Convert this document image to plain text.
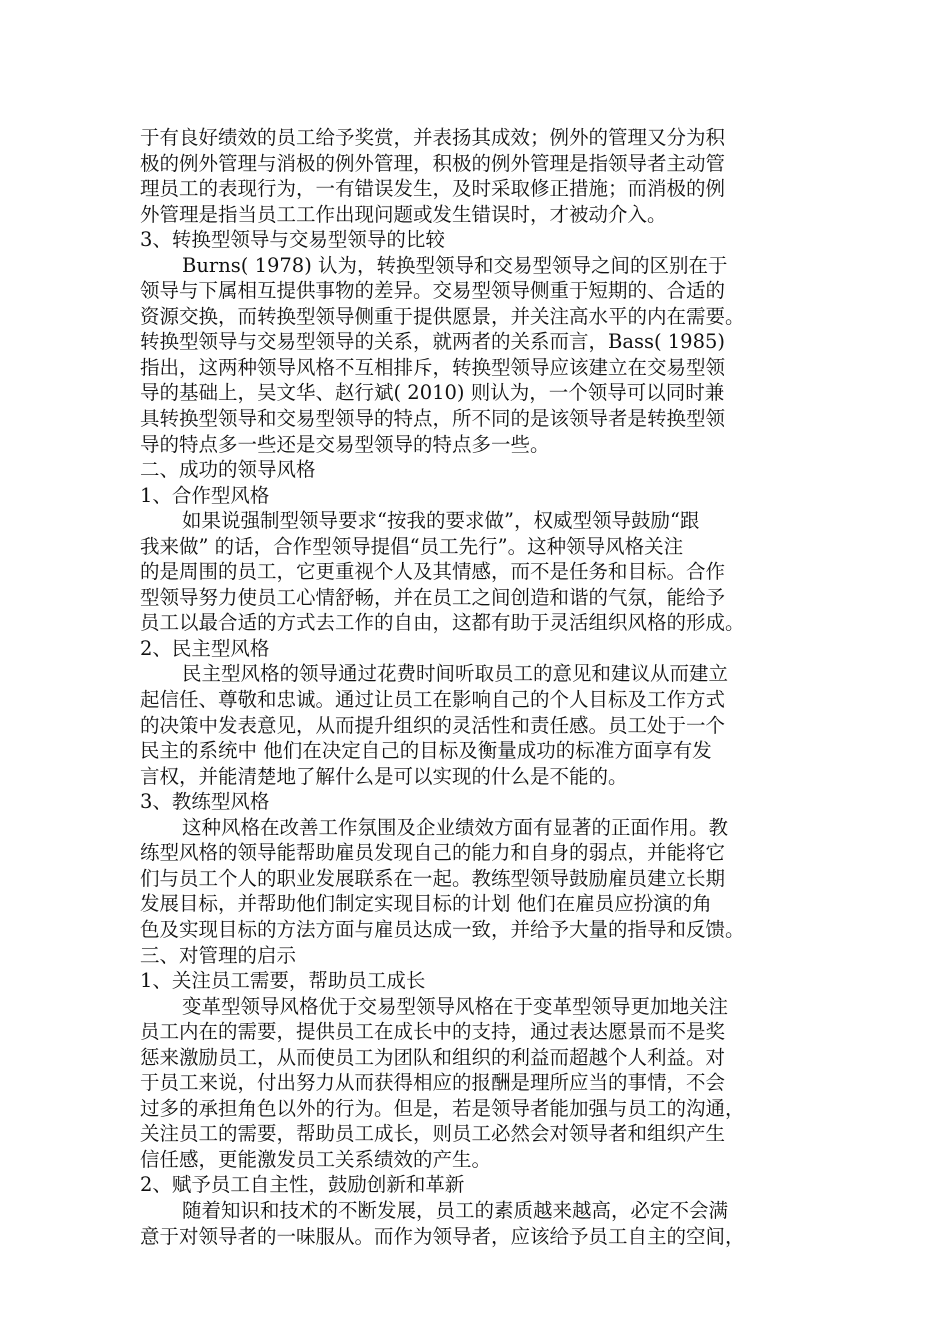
于有良好绩效的员工给予奖赏，并表扬其成效；例外的管理又分为积
极的例外管理与消极的例外管理，积极的例外管理是指领导者主动管
理员工的表现行为，一有错误发生，及时采取修正措施；而消极的例
外管理是指当员工工作出现问题或发生错误时，才被动介入。
3、转换型领导与交易型领导的比较
Burns( 1978) 认为，转换型领导和交易型领导之间的区别在于
领导与下属相互提供事物的差异。交易型领导侧重于短期的、合适的
资源交换，而转换型领导侧重于提供愿景，并关注高水平的内在需要。
转换型领导与交易型领导的关系，就两者的关系而言，Bass( 1985)
指出，这两种领导风格不互相排斥，转换型领导应该建立在交易型领
导的基础上，吴文华、赵行斌( 2010) 则认为，一个领导可以同时兼
具转换型领导和交易型领导的特点，所不同的是该领导者是转换型领
导的特点多一些还是交易型领导的特点多一些。
二、成功的领导风格
1、合作型风格
如果说强制型领导要求“按我的要求做”，权威型领导鼓励“跟
我来做” 的话，合作型领导提倡“员工先行”。这种领导风格关注
的是周围的员工，它更重视个人及其情感，而不是任务和目标。合作
型领导努力使员工心情舒畅，并在员工之间创造和谐的气氛，能给予
员工以最合适的方式去工作的自由，这都有助于灵活组织风格的形成。
2、民主型风格
民主型风格的领导通过花费时间听取员工的意见和建议从而建立
起信任、尊敬和忠诚。通过让员工在影响自己的个人目标及工作方式
的决策中发表意见，从而提升组织的灵活性和责任感。员工处于一个
民主的系统中 他们在决定自己的目标及衡量成功的标准方面享有发
言权，并能清楚地了解什么是可以实现的什么是不能的。
3、教练型风格
这种风格在改善工作氛围及企业绩效方面有显著的正面作用。教
练型风格的领导能帮助雇员发现自己的能力和自身的弱点，并能将它
们与员工个人的职业发展联系在一起。教练型领导鼓励雇员建立长期
发展目标，并帮助他们制定实现目标的计划 他们在雇员应扮演的角
色及实现目标的方法方面与雇员达成一致，并给予大量的指导和反馈。
三、对管理的启示
1、关注员工需要，帮助员工成长
变革型领导风格优于交易型领导风格在于变革型领导更加地关注
员工内在的需要，提供员工在成长中的支持，通过表达愿景而不是奖
惩来激励员工，从而使员工为团队和组织的利益而超越个人利益。对
于员工来说，付出努力从而获得相应的报酬是理所应当的事情，不会
过多的承担角色以外的行为。但是，若是领导者能加强与员工的沟通，
关注员工的需要，帮助员工成长，则员工必然会对领导者和组织产生
信任感，更能激发员工关系绩效的产生。
2、赋予员工自主性，鼓励创新和革新
随着知识和技术的不断发展，员工的素质越来越高，必定不会满
意于对领导者的一味服从。而作为领导者，应该给予员工自主的空间，
